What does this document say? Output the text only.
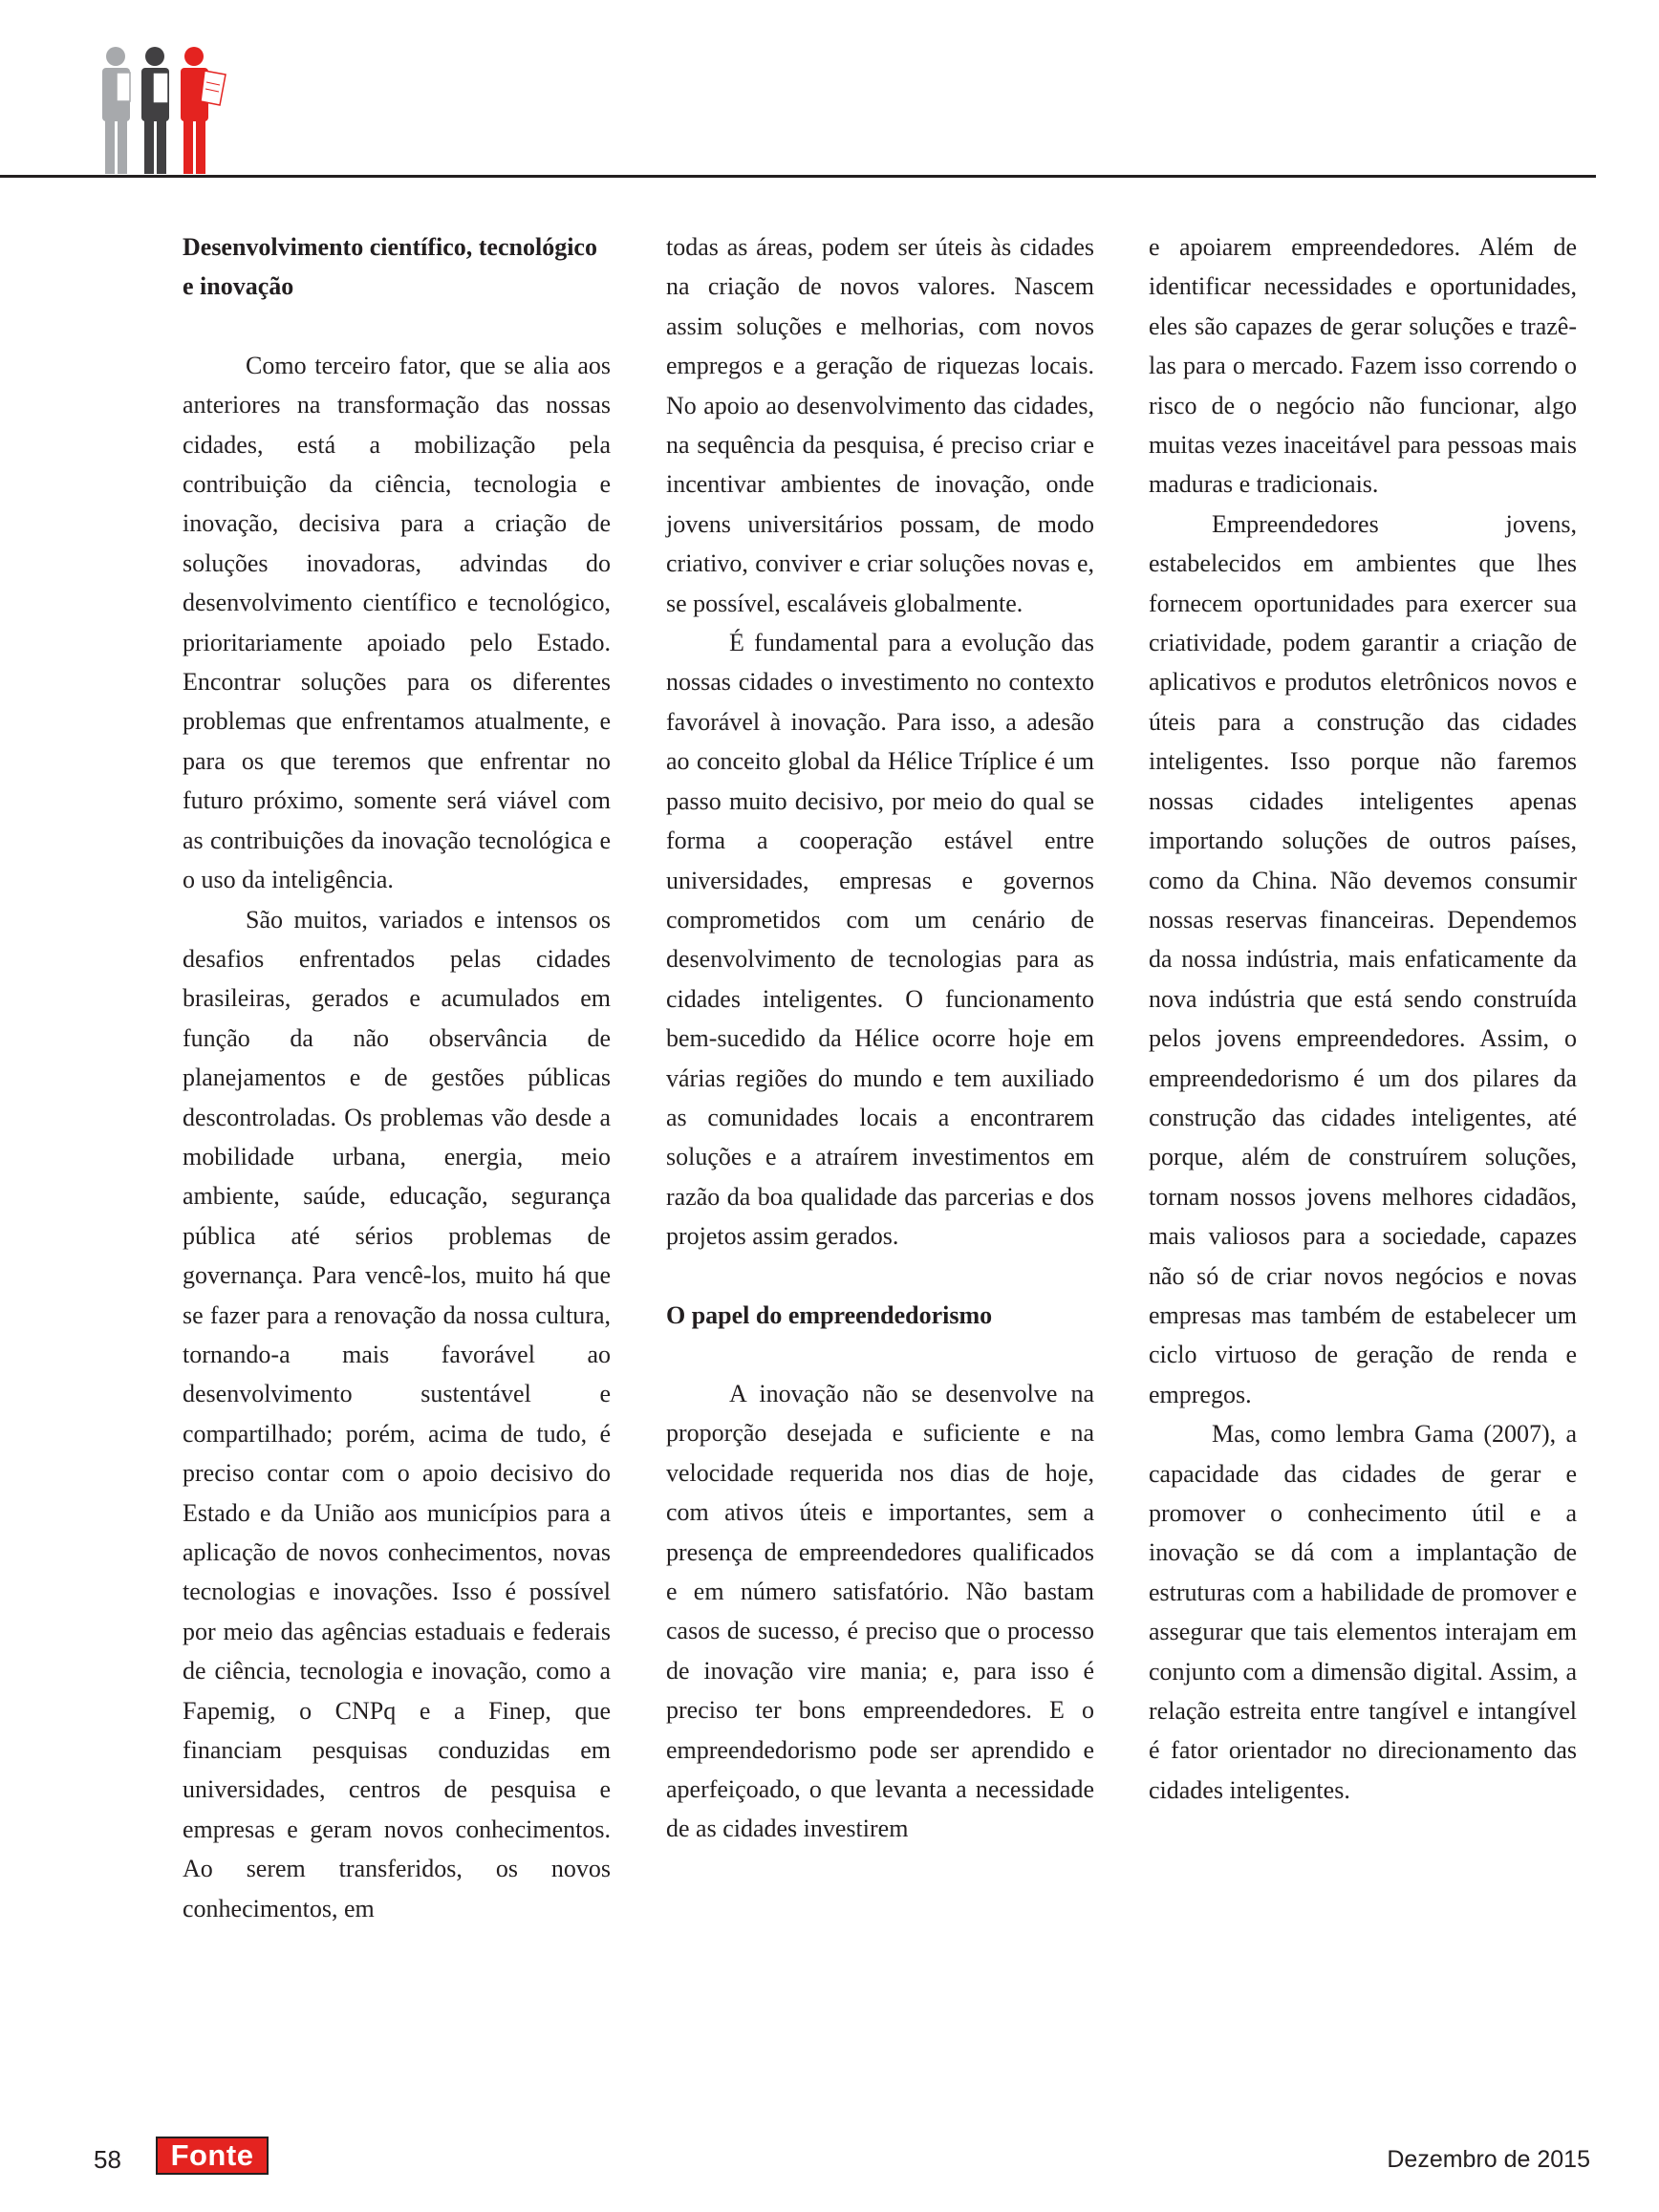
Desenvolvimento científico, tecnológico e inovação

Como terceiro fator, que se alia aos anteriores na transformação das nossas cidades, está a mobilização pela contribuição da ciência, tecnologia e inovação, decisiva para a criação de soluções inovadoras, advindas do desenvolvimento científico e tecnológico, prioritariamente apoiado pelo Estado. Encontrar soluções para os diferentes problemas que enfrentamos atualmente, e para os que teremos que enfrentar no futuro próximo, somente será viável com as contribuições da inovação tecnológica e o uso da inteligência.

São muitos, variados e intensos os desafios enfrentados pelas cidades brasileiras, gerados e acumulados em função da não observância de planejamentos e de gestões públicas descontroladas. Os problemas vão desde a mobilidade urbana, energia, meio ambiente, saúde, educação, segurança pública até sérios problemas de governança. Para vencê-los, muito há que se fazer para a renovação da nossa cultura, tornando-a mais favorável ao desenvolvimento sustentável e compartilhado; porém, acima de tudo, é preciso contar com o apoio decisivo do Estado e da União aos municípios para a aplicação de novos conhecimentos, novas tecnologias e inovações. Isso é possível por meio das agências estaduais e federais de ciência, tecnologia e inovação, como a Fapemig, o CNPq e a Finep, que financiam pesquisas conduzidas em universidades, centros de pesquisa e empresas e geram novos conhecimentos. Ao serem transferidos, os novos conhecimentos, em

todas as áreas, podem ser úteis às cidades na criação de novos valores. Nascem assim soluções e melhorias, com novos empregos e a geração de riquezas locais. No apoio ao desenvolvimento das cidades, na sequência da pesquisa, é preciso criar e incentivar ambientes de inovação, onde jovens universitários possam, de modo criativo, conviver e criar soluções novas e, se possível, escaláveis globalmente.

É fundamental para a evolução das nossas cidades o investimento no contexto favorável à inovação. Para isso, a adesão ao conceito global da Hélice Tríplice é um passo muito decisivo, por meio do qual se forma a cooperação estável entre universidades, empresas e governos comprometidos com um cenário de desenvolvimento de tecnologias para as cidades inteligentes. O funcionamento bem-sucedido da Hélice ocorre hoje em várias regiões do mundo e tem auxiliado as comunidades locais a encontrarem soluções e a atraírem investimentos em razão da boa qualidade das parcerias e dos projetos assim gerados.

O papel do empreendedorismo

A inovação não se desenvolve na proporção desejada e suficiente e na velocidade requerida nos dias de hoje, com ativos úteis e importantes, sem a presença de empreendedores qualificados e em número satisfatório. Não bastam casos de sucesso, é preciso que o processo de inovação vire mania; e, para isso é preciso ter bons empreendedores. E o empreendedorismo pode ser aprendido e aperfeiçoado, o que levanta a necessidade de as cidades investirem

e apoiarem empreendedores. Além de identificar necessidades e oportunidades, eles são capazes de gerar soluções e trazê-las para o mercado. Fazem isso correndo o risco de o negócio não funcionar, algo muitas vezes inaceitável para pessoas mais maduras e tradicionais.

Empreendedores jovens, estabelecidos em ambientes que lhes fornecem oportunidades para exercer sua criatividade, podem garantir a criação de aplicativos e produtos eletrônicos novos e úteis para a construção das cidades inteligentes. Isso porque não faremos nossas cidades inteligentes apenas importando soluções de outros países, como da China. Não devemos consumir nossas reservas financeiras. Dependemos da nossa indústria, mais enfaticamente da nova indústria que está sendo construída pelos jovens empreendedores. Assim, o empreendedorismo é um dos pilares da construção das cidades inteligentes, até porque, além de construírem soluções, tornam nossos jovens melhores cidadãos, mais valiosos para a sociedade, capazes não só de criar novos negócios e novas empresas mas também de estabelecer um ciclo virtuoso de geração de renda e empregos.

Mas, como lembra Gama (2007), a capacidade das cidades de gerar e promover o conhecimento útil e a inovação se dá com a implantação de estruturas com a habilidade de promover e assegurar que tais elementos interajam em conjunto com a dimensão digital. Assim, a relação estreita entre tangível e intangível é fator orientador no direcionamento das cidades inteligentes.

58 Fonte	Dezembro de 2015
